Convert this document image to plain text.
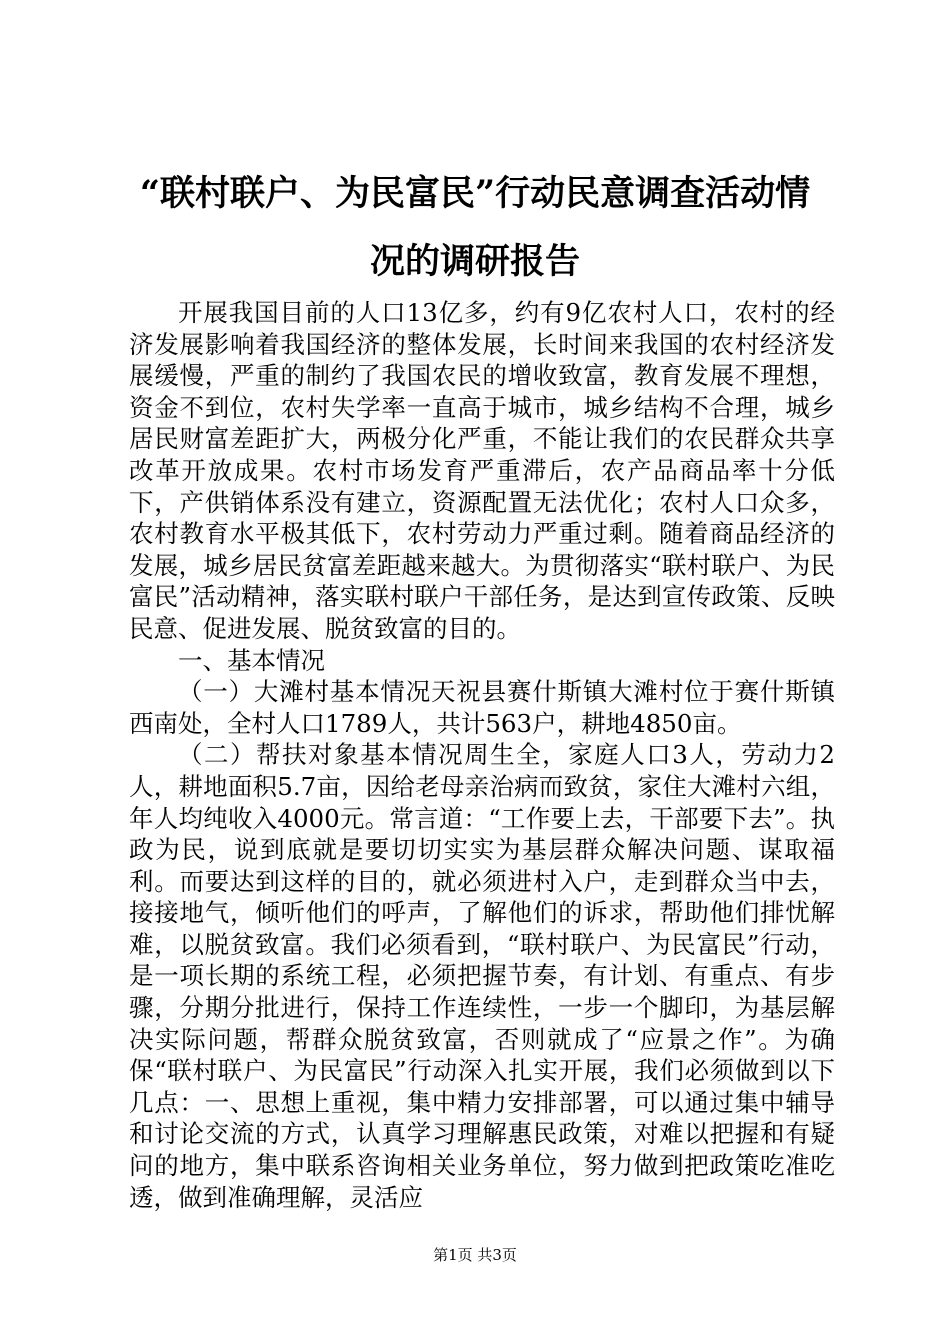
“联村联户、为民富民”行动民意调查活动情
况的调研报告

开展我国目前的人口13亿多，约有9亿农村人口，农村的经济发展影响着我国经济的整体发展，长时间来我国的农村经济发展缓慢，严重的制约了我国农民的增收致富，教育发展不理想，资金不到位，农村失学率一直高于城市，城乡结构不合理，城乡居民财富差距扩大，两极分化严重，不能让我们的农民群众共享改革开放成果。农村市场发育严重滞后，农产品商品率十分低下，产供销体系没有建立，资源配置无法优化；农村人口众多，农村教育水平极其低下，农村劳动力严重过剩。随着商品经济的发展，城乡居民贫富差距越来越大。为贯彻落实“联村联户、为民富民”活动精神，落实联村联户干部任务，是达到宣传政策、反映民意、促进发展、脱贫致富的目的。

一、基本情况

（一）大滩村基本情况天祝县赛什斯镇大滩村位于赛什斯镇西南处，全村人口1789人，共计563户，耕地4850亩。

（二）帮扶对象基本情况周生全，家庭人口3人，劳动力2人，耕地面积5.7亩，因给老母亲治病而致贫，家住大滩村六组，年人均纯收入4000元。常言道：“工作要上去，干部要下去”。执政为民，说到底就是要切切实实为基层群众解决问题、谋取福利。而要达到这样的目的，就必须进村入户，走到群众当中去，接接地气，倾听他们的呼声，了解他们的诉求，帮助他们排忧解难，以脱贫致富。我们必须看到，“联村联户、为民富民”行动，是一项长期的系统工程，必须把握节奏，有计划、有重点、有步骤，分期分批进行，保持工作连续性，一步一个脚印，为基层解决实际问题，帮群众脱贫致富，否则就成了“应景之作”。为确保“联村联户、为民富民”行动深入扎实开展，我们必须做到以下几点：一、思想上重视，集中精力安排部署，可以通过集中辅导和讨论交流的方式，认真学习理解惠民政策，对难以把握和有疑问的地方，集中联系咨询相关业务单位，努力做到把政策吃准吃透，做到准确理解，灵活应

第1页 共3页
